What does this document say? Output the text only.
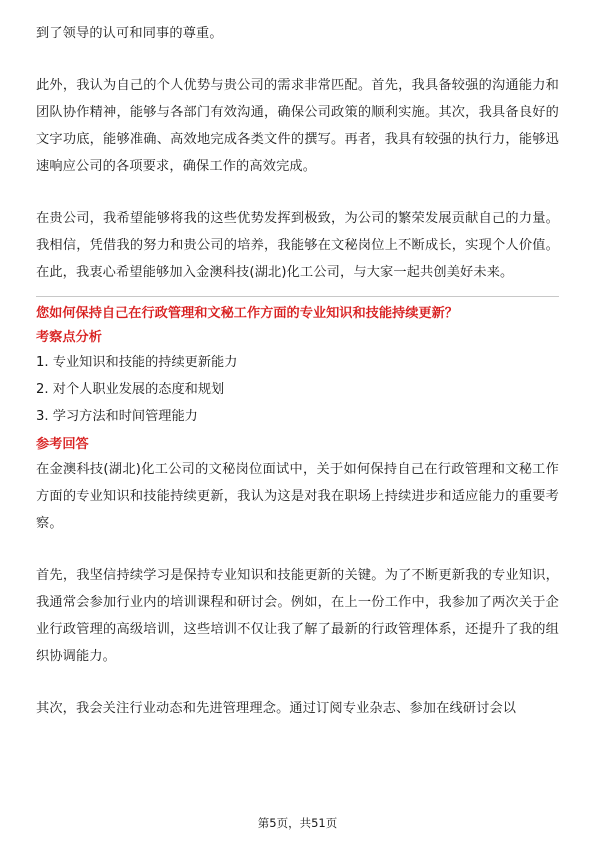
到了领导的认可和同事的尊重。

此外，我认为自己的个人优势与贵公司的需求非常匹配。首先，我具备较强的沟通能力和团队协作精神，能够与各部门有效沟通，确保公司政策的顺利实施。其次，我具备良好的文字功底，能够准确、高效地完成各类文件的撰写。再者，我具有较强的执行力，能够迅速响应公司的各项要求，确保工作的高效完成。

在贵公司，我希望能够将我的这些优势发挥到极致，为公司的繁荣发展贡献自己的力量。我相信，凭借我的努力和贵公司的培养，我能够在文秘岗位上不断成长，实现个人价值。在此，我衷心希望能够加入金澳科技(湖北)化工公司，与大家一起共创美好未来。

您如何保持自己在行政管理和文秘工作方面的专业知识和技能持续更新？

考察点分析

1. 专业知识和技能的持续更新能力

2. 对个人职业发展的态度和规划

3. 学习方法和时间管理能力

参考回答

在金澳科技(湖北)化工公司的文秘岗位面试中，关于如何保持自己在行政管理和文秘工作方面的专业知识和技能持续更新，我认为这是对我在职场上持续进步和适应能力的重要考察。

首先，我坚信持续学习是保持专业知识和技能更新的关键。为了不断更新我的专业知识，我通常会参加行业内的培训课程和研讨会。例如，在上一份工作中，我参加了两次关于企业行政管理的高级培训，这些培训不仅让我了解了最新的行政管理体系，还提升了我的组织协调能力。

其次，我会关注行业动态和先进管理理念。通过订阅专业杂志、参加在线研讨会以

第5页，共51页
